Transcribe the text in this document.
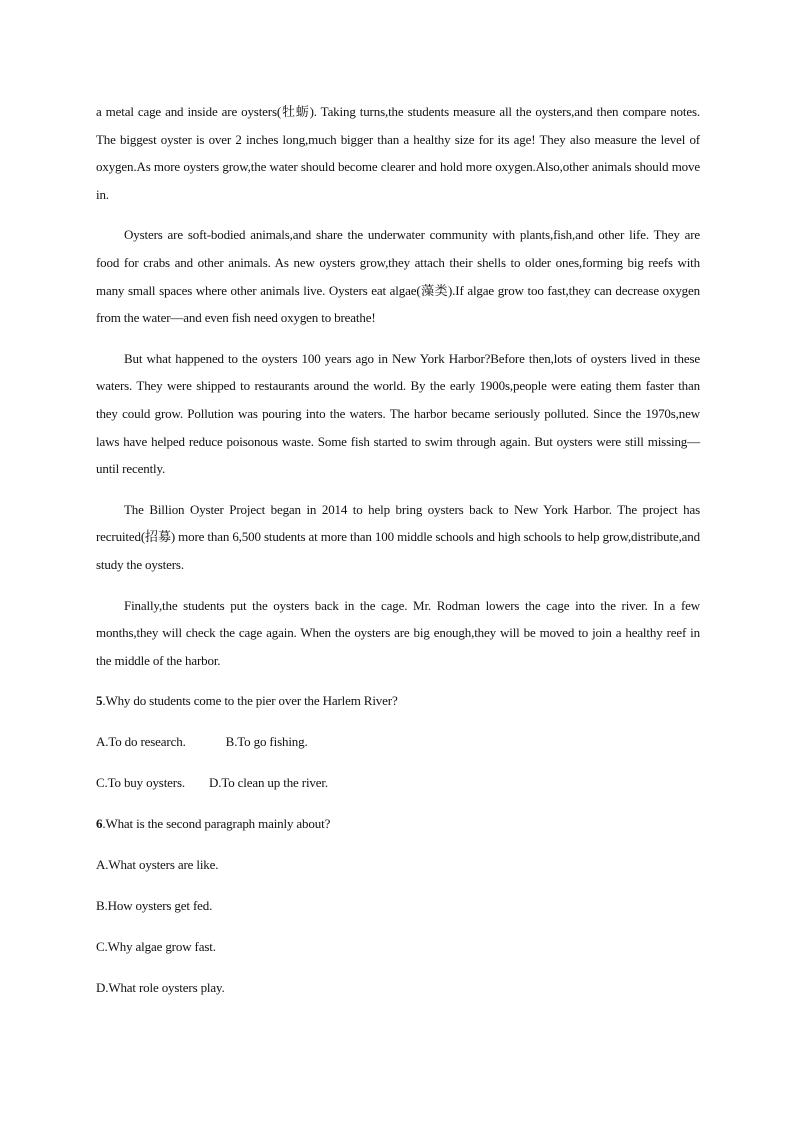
a metal cage and inside are oysters(牡蛎). Taking turns,the students measure all the oysters,and then compare notes. The biggest oyster is over 2 inches long,much bigger than a healthy size for its age! They also measure the level of oxygen.As more oysters grow,the water should become clearer and hold more oxygen.Also,other animals should move in.

Oysters are soft-bodied animals,and share the underwater community with plants,fish,and other life. They are food for crabs and other animals. As new oysters grow,they attach their shells to older ones,forming big reefs with many small spaces where other animals live. Oysters eat algae(藻类).If algae grow too fast,they can decrease oxygen from the water—and even fish need oxygen to breathe!

But what happened to the oysters 100 years ago in New York Harbor?Before then,lots of oysters lived in these waters. They were shipped to restaurants around the world. By the early 1900s,people were eating them faster than they could grow. Pollution was pouring into the waters. The harbor became seriously polluted. Since the 1970s,new laws have helped reduce poisonous waste. Some fish started to swim through again. But oysters were still missing—until recently.

The Billion Oyster Project began in 2014 to help bring oysters back to New York Harbor. The project has recruited(招募) more than 6,500 students at more than 100 middle schools and high schools to help grow,distribute,and study the oysters.

Finally,the students put the oysters back in the cage. Mr. Rodman lowers the cage into the river. In a few months,they will check the cage again. When the oysters are big enough,they will be moved to join a healthy reef in the middle of the harbor.

5.Why do students come to the pier over the Harlem River?
A.To do research.	B.To go fishing.
C.To buy oysters. D.To clean up the river.
6.What is the second paragraph mainly about?
A.What oysters are like.
B.How oysters get fed.
C.Why algae grow fast.
D.What role oysters play.
